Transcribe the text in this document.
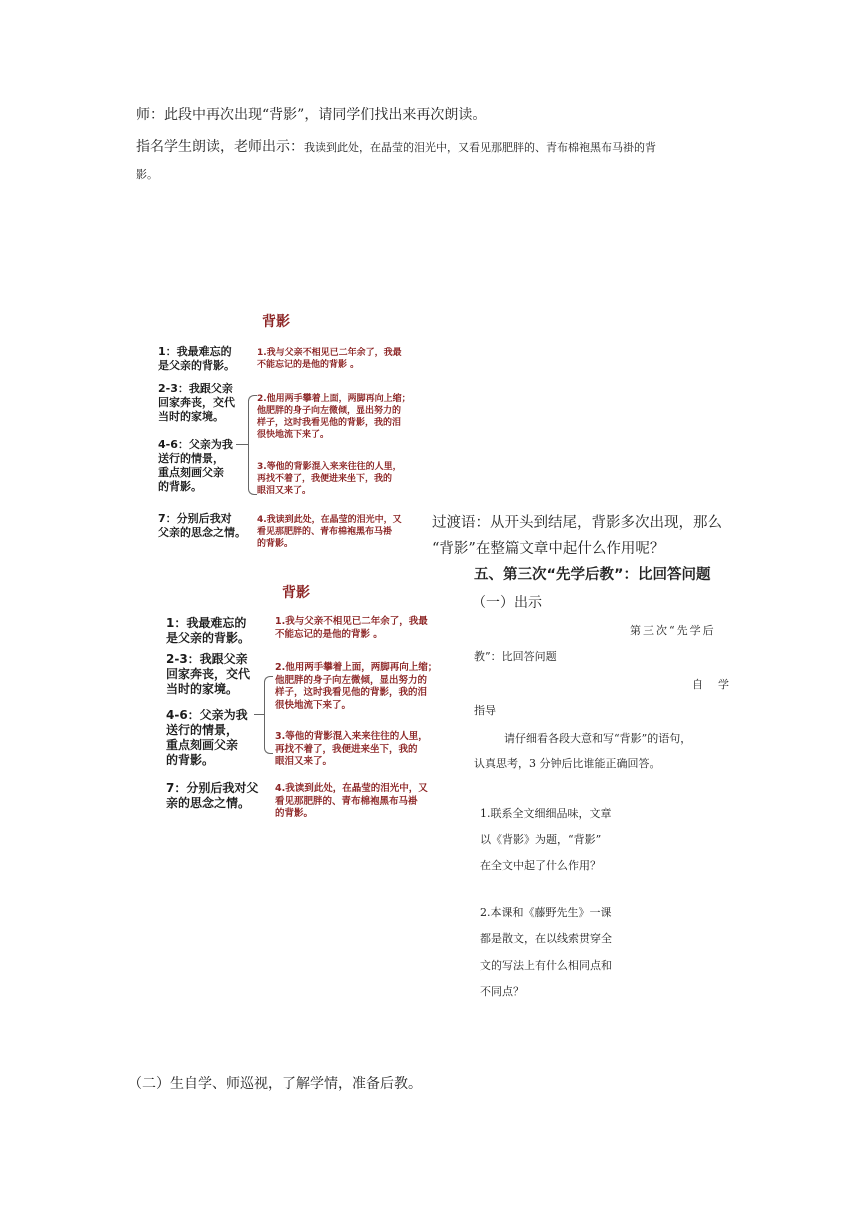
师：此段中再次出现“背影”，请同学们找出来再次朗读。
指名学生朗读，老师出示：我读到此处，在晶莹的泪光中，又看见那肥胖的、青布棉袍黑布马褂的背
影。
背影
1：我最难忘的
是父亲的背影。
2-3：我跟父亲
回家奔丧，交代
当时的家境。
4-6：父亲为我
送行的情景，
重点刻画父亲
的背影。
7：分别后我对
父亲的思念之情。
1.我与父亲不相见已二年余了，我最
不能忘记的是他的背影 。
2.他用两手攀着上面，两脚再向上缩；
他肥胖的身子向左微倾，显出努力的
样子，这时我看见他的背影，我的泪
很快地流下来了。
3.等他的背影混入来来往往的人里，
再找不着了，我便进来坐下，我的
眼泪又来了。
4.我读到此处，在晶莹的泪光中，又
看见那肥胖的、青布棉袍黑布马褂
的背影。
背影
1：我最难忘的
是父亲的背影。
2-3：我跟父亲
回家奔丧，交代
当时的家境。
4-6：父亲为我
送行的情景，
重点刻画父亲
的背影。
7：分别后我对父
亲的思念之情。
1.我与父亲不相见已二年余了，我最
不能忘记的是他的背影 。
2.他用两手攀着上面，两脚再向上缩；
他肥胖的身子向左微倾，显出努力的
样子，这时我看见他的背影，我的泪
很快地流下来了。
3.等他的背影混入来来往往的人里，
再找不着了，我便进来坐下，我的
眼泪又来了。
4.我读到此处，在晶莹的泪光中，又
看见那肥胖的、青布棉袍黑布马褂
的背影。
过渡语：从开头到结尾，背影多次出现，那么
“背影”在整篇文章中起什么作用呢？
五、第三次“先学后教”：比回答问题
（一）出示
第三次“先学后
教”：比回答问题
自　学
指导
请仔细看各段大意和写“背影”的语句，
认真思考，3 分钟后比谁能正确回答。
1.联系全文细细品味，文章
以《背影》为题，“背影”
在全文中起了什么作用？
2.本课和《藤野先生》一课
都是散文，在以线索贯穿全
文的写法上有什么相同点和
不同点？
（二）生自学、师巡视，了解学情，准备后教。
